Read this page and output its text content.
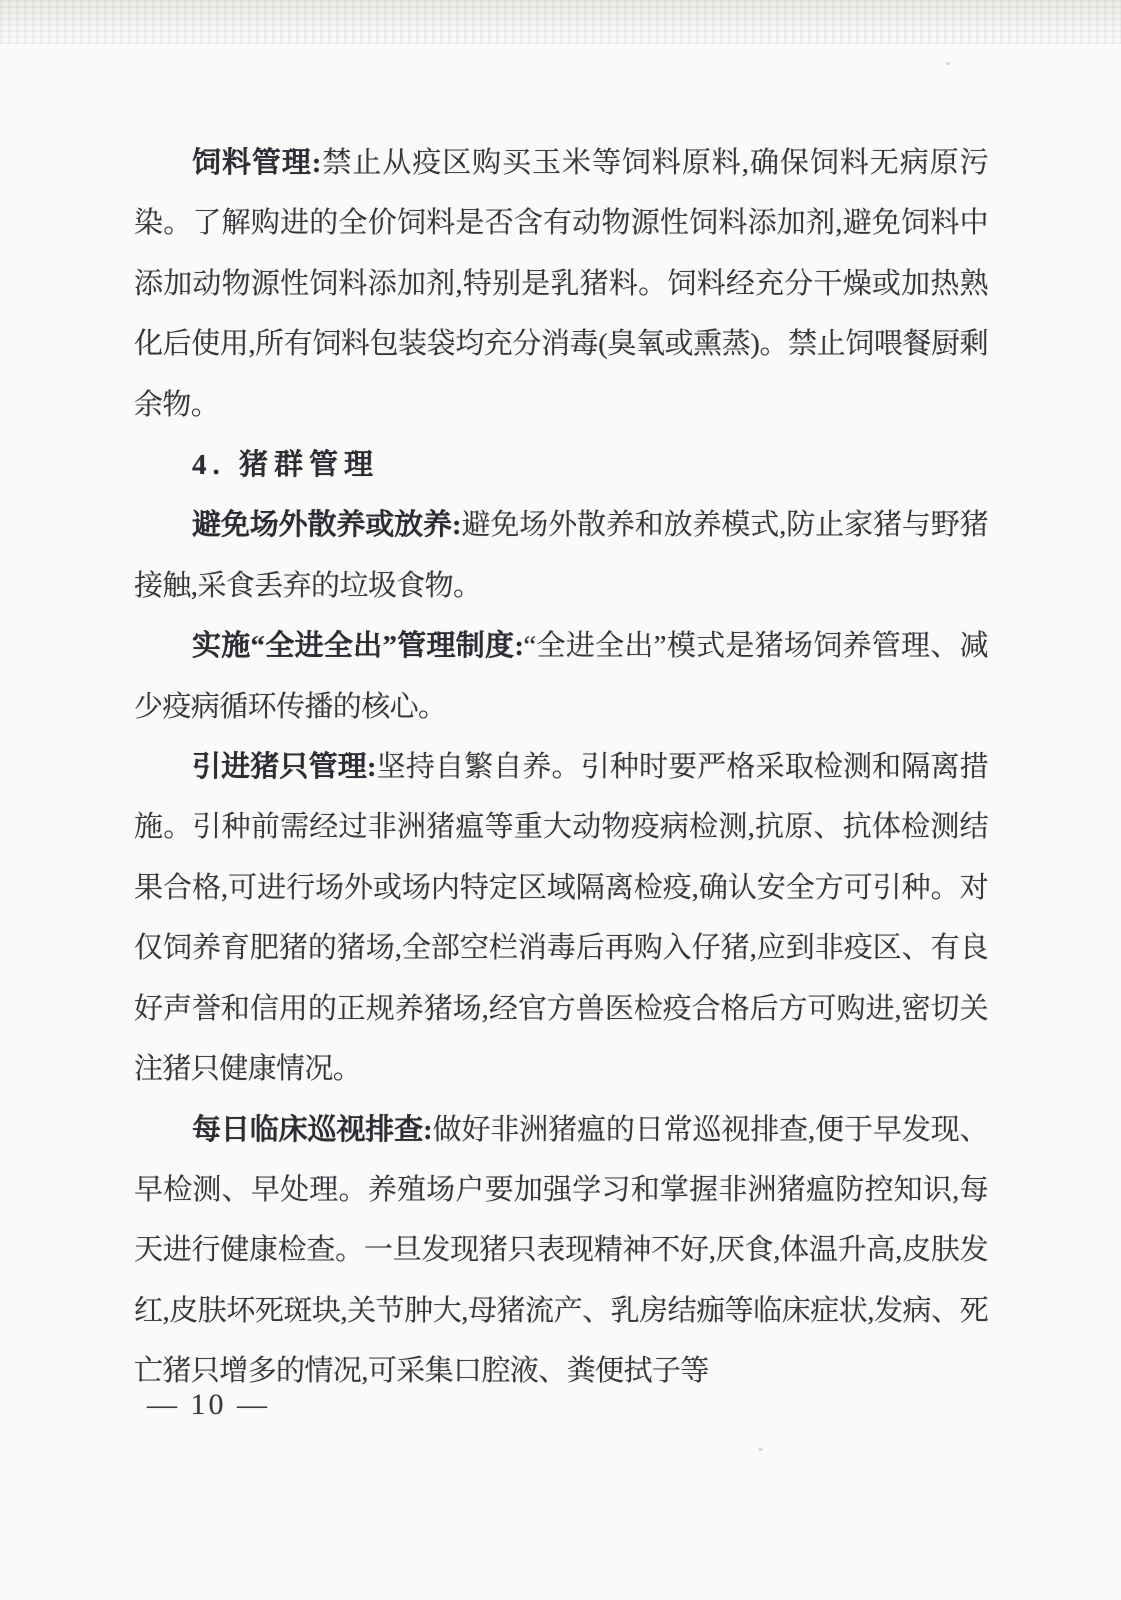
饲料管理:禁止从疫区购买玉米等饲料原料,确保饲料无病原污染。了解购进的全价饲料是否含有动物源性饲料添加剂,避免饲料中添加动物源性饲料添加剂,特别是乳猪料。饲料经充分干燥或加热熟化后使用,所有饲料包装袋均充分消毒(臭氧或熏蒸)。禁止饲喂餐厨剩余物。

4. 猪群管理

避免场外散养或放养:避免场外散养和放养模式,防止家猪与野猪接触,采食丢弃的垃圾食物。

实施“全进全出”管理制度:“全进全出”模式是猪场饲养管理、减少疫病循环传播的核心。

引进猪只管理:坚持自繁自养。引种时要严格采取检测和隔离措施。引种前需经过非洲猪瘟等重大动物疫病检测,抗原、抗体检测结果合格,可进行场外或场内特定区域隔离检疫,确认安全方可引种。对仅饲养育肥猪的猪场,全部空栏消毒后再购入仔猪,应到非疫区、有良好声誉和信用的正规养猪场,经官方兽医检疫合格后方可购进,密切关注猪只健康情况。

每日临床巡视排查:做好非洲猪瘟的日常巡视排查,便于早发现、早检测、早处理。养殖场户要加强学习和掌握非洲猪瘟防控知识,每天进行健康检查。一旦发现猪只表现精神不好,厌食,体温升高,皮肤发红,皮肤坏死斑块,关节肿大,母猪流产、乳房结痂等临床症状,发病、死亡猪只增多的情况,可采集口腔液、粪便拭子等

— 10 —
